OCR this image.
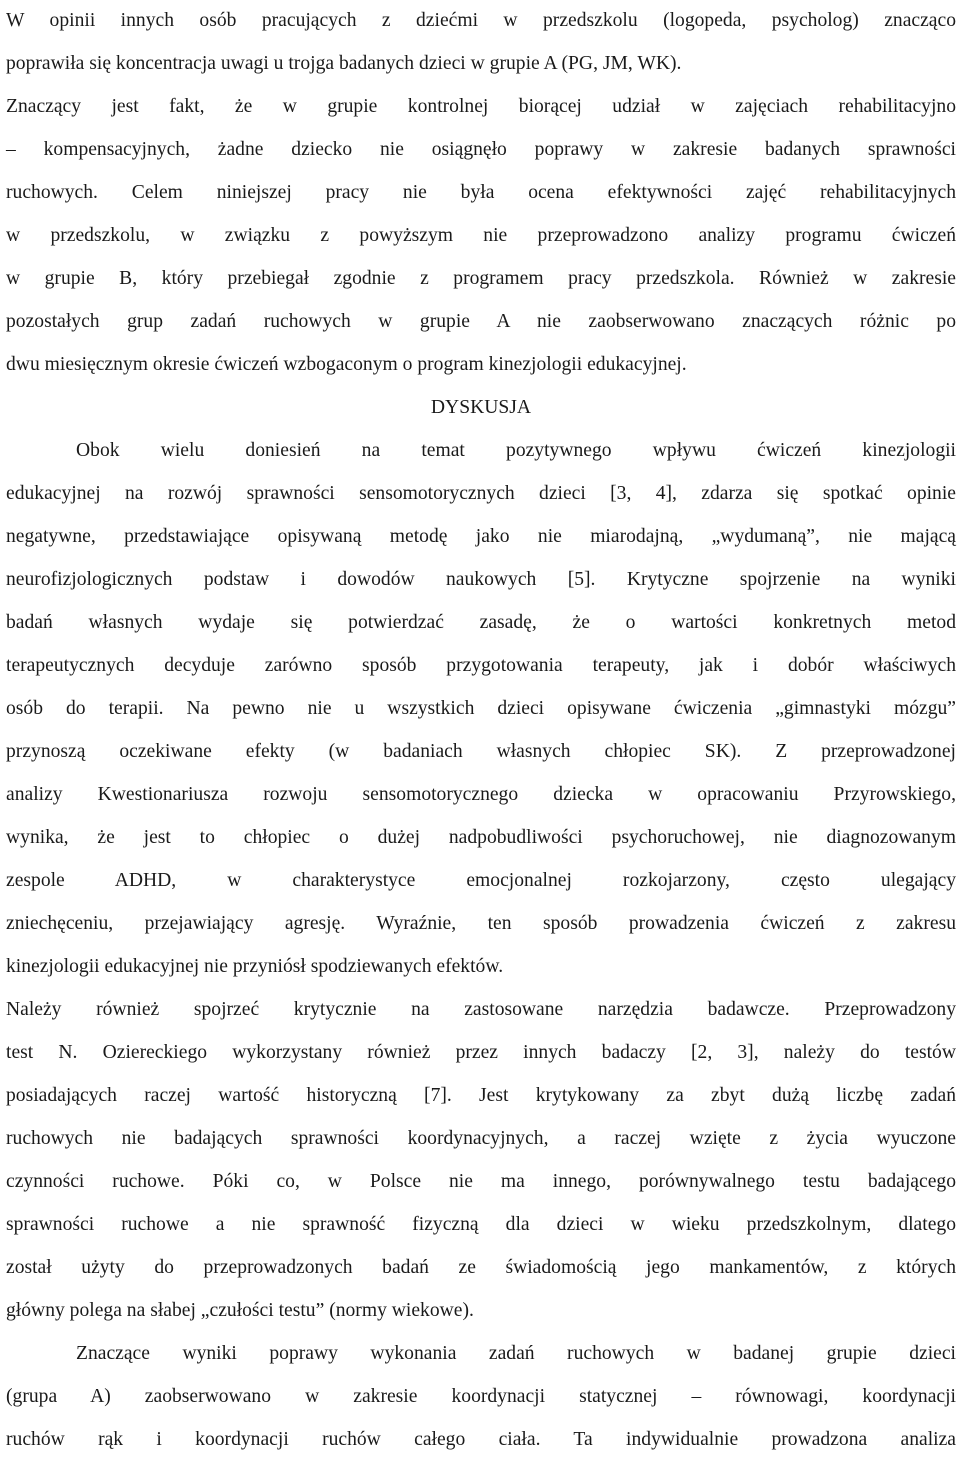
W opinii innych osób pracujących z dziećmi w przedszkolu (logopeda, psycholog) znacząco
poprawiła się koncentracja uwagi u trojga badanych dzieci w grupie A (PG, JM, WK).
Znaczący jest fakt, że w grupie kontrolnej biorącej udział w zajęciach rehabilitacyjno
– kompensacyjnych, żadne dziecko nie osiągnęło poprawy w zakresie badanych sprawności
ruchowych. Celem niniejszej pracy nie była ocena efektywności zajęć rehabilitacyjnych
w przedszkolu, w związku z powyższym nie przeprowadzono analizy programu ćwiczeń
w grupie B, który przebiegał zgodnie z programem pracy przedszkola. Również w zakresie
pozostałych grup zadań ruchowych w grupie A nie zaobserwowano znaczących różnic po
dwu miesięcznym okresie ćwiczeń wzbogaconym o program kinezjologii edukacyjnej.
DYSKUSJA
Obok wielu doniesień na temat pozytywnego wpływu ćwiczeń kinezjologii
edukacyjnej na rozwój sprawności sensomotorycznych dzieci [3, 4], zdarza się spotkać opinie
negatywne, przedstawiające opisywaną metodę jako nie miarodajną, „wydumaną”, nie mającą
neurofizjologicznych podstaw i dowodów naukowych [5]. Krytyczne spojrzenie na wyniki
badań własnych wydaje się potwierdzać zasadę, że o wartości konkretnych metod
terapeutycznych decyduje zarówno sposób przygotowania terapeuty, jak i dobór właściwych
osób do terapii. Na pewno nie u wszystkich dzieci opisywane ćwiczenia „gimnastyki mózgu”
przynoszą oczekiwane efekty (w badaniach własnych chłopiec SK). Z przeprowadzonej
analizy Kwestionariusza rozwoju sensomotorycznego dziecka w opracowaniu Przyrowskiego,
wynika, że jest to chłopiec o dużej nadpobudliwości psychoruchowej, nie diagnozowanym
zespole ADHD, w charakterystyce emocjonalnej rozkojarzony, często ulegający
zniechęceniu, przejawiający agresję. Wyraźnie, ten sposób prowadzenia ćwiczeń z zakresu
kinezjologii edukacyjnej nie przyniósł spodziewanych efektów.
Należy również spojrzeć krytycznie na zastosowane narzędzia badawcze. Przeprowadzony
test N. Oziereckiego wykorzystany również przez innych badaczy [2, 3], należy do testów
posiadających raczej wartość historyczną [7]. Jest krytykowany za zbyt dużą liczbę zadań
ruchowych nie badających sprawności koordynacyjnych, a raczej wzięte z życia wyuczone
czynności ruchowe. Póki co, w Polsce nie ma innego, porównywalnego testu badającego
sprawności ruchowe a nie sprawność fizyczną dla dzieci w wieku przedszkolnym, dlatego
został użyty do przeprowadzonych badań ze świadomością jego mankamentów, z których
główny polega na słabej „czułości testu” (normy wiekowe).
Znaczące wyniki poprawy wykonania zadań ruchowych w badanej grupie dzieci
(grupa A) zaobserwowano w zakresie koordynacji statycznej – równowagi, koordynacji
ruchów rąk i koordynacji ruchów całego ciała. Ta indywidualnie prowadzona analiza
